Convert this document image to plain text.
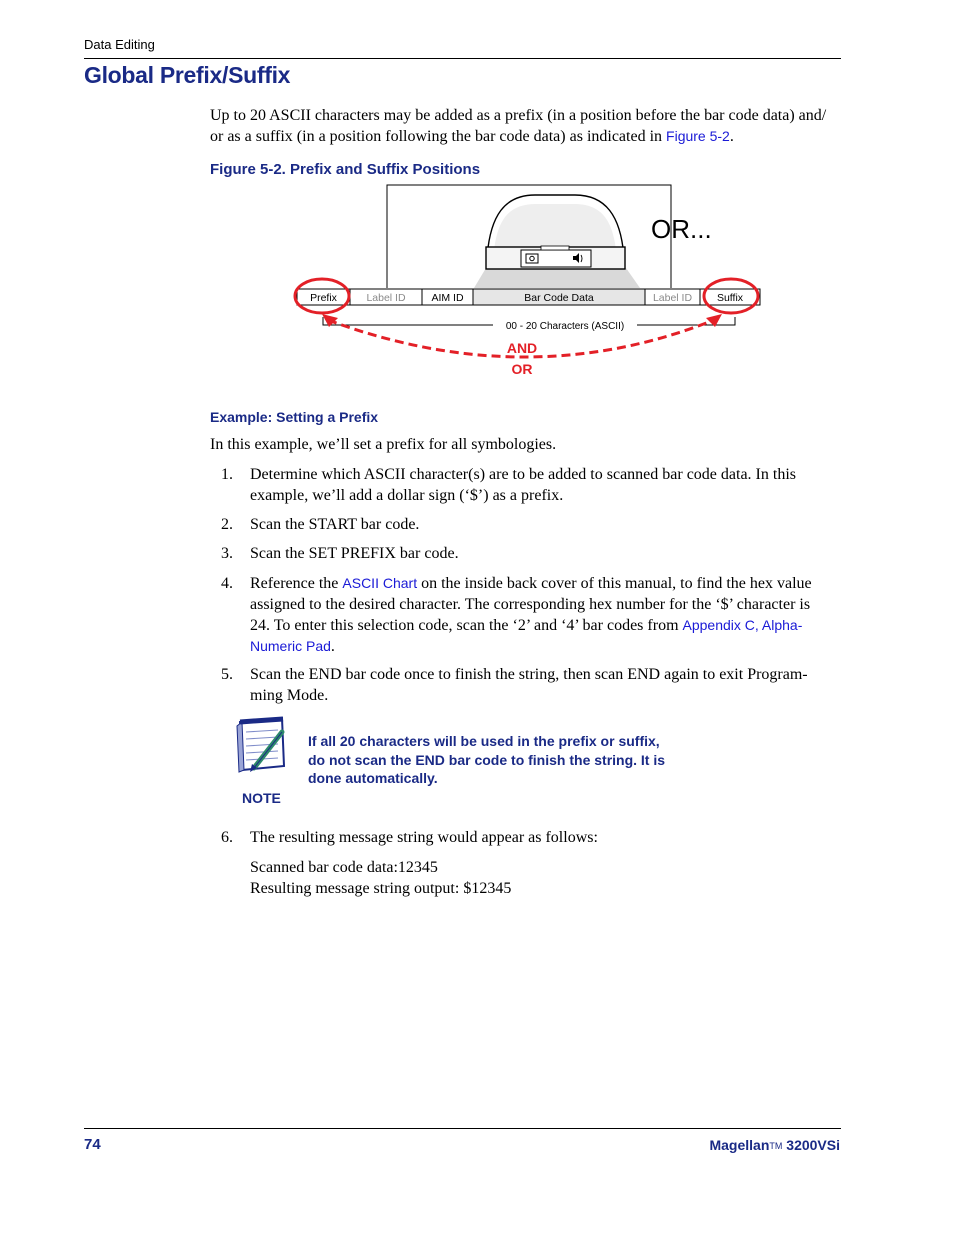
Data Editing
Global Prefix/Suffix
Up to 20 ASCII characters may be added as a prefix (in a position before the bar code data) and/
or as a suffix (in a position following the bar code data) as indicated in Figure 5-2.
Figure 5-2. Prefix and Suffix Positions
OR...
Prefix	Label ID AIM ID	Bar Code Data	Label ID Suffix
00 - 20 Characters (ASCII)
AND
OR
Example: Setting a Prefix
In this example, we’ll set a prefix for all symbologies.
1. Determine which ASCII character(s) are to be added to scanned bar code data. In this
example, we’ll add a dollar sign (‘$’) as a prefix.
2. Scan the START bar code.
3. Scan the SET PREFIX bar code.
4. Reference the ASCII Chart on the inside back cover of this manual, to find the hex value
assigned to the desired character. The corresponding hex number for the ‘$’ character is
24. To enter this selection code, scan the ‘2’ and ‘4’ bar codes from Appendix C, Alpha-
Numeric Pad.
5. Scan the END bar code once to finish the string, then scan END again to exit Program-
ming Mode.
6. The resulting message string would appear as follows:
If all 20 characters will be used in the prefix or suffix, do not scan the END bar code to finish the string. It is done automatically.
NOTE
Scanned bar code data:12345
Resulting message string output: $12345
74	Magellan™ 3200VSi
